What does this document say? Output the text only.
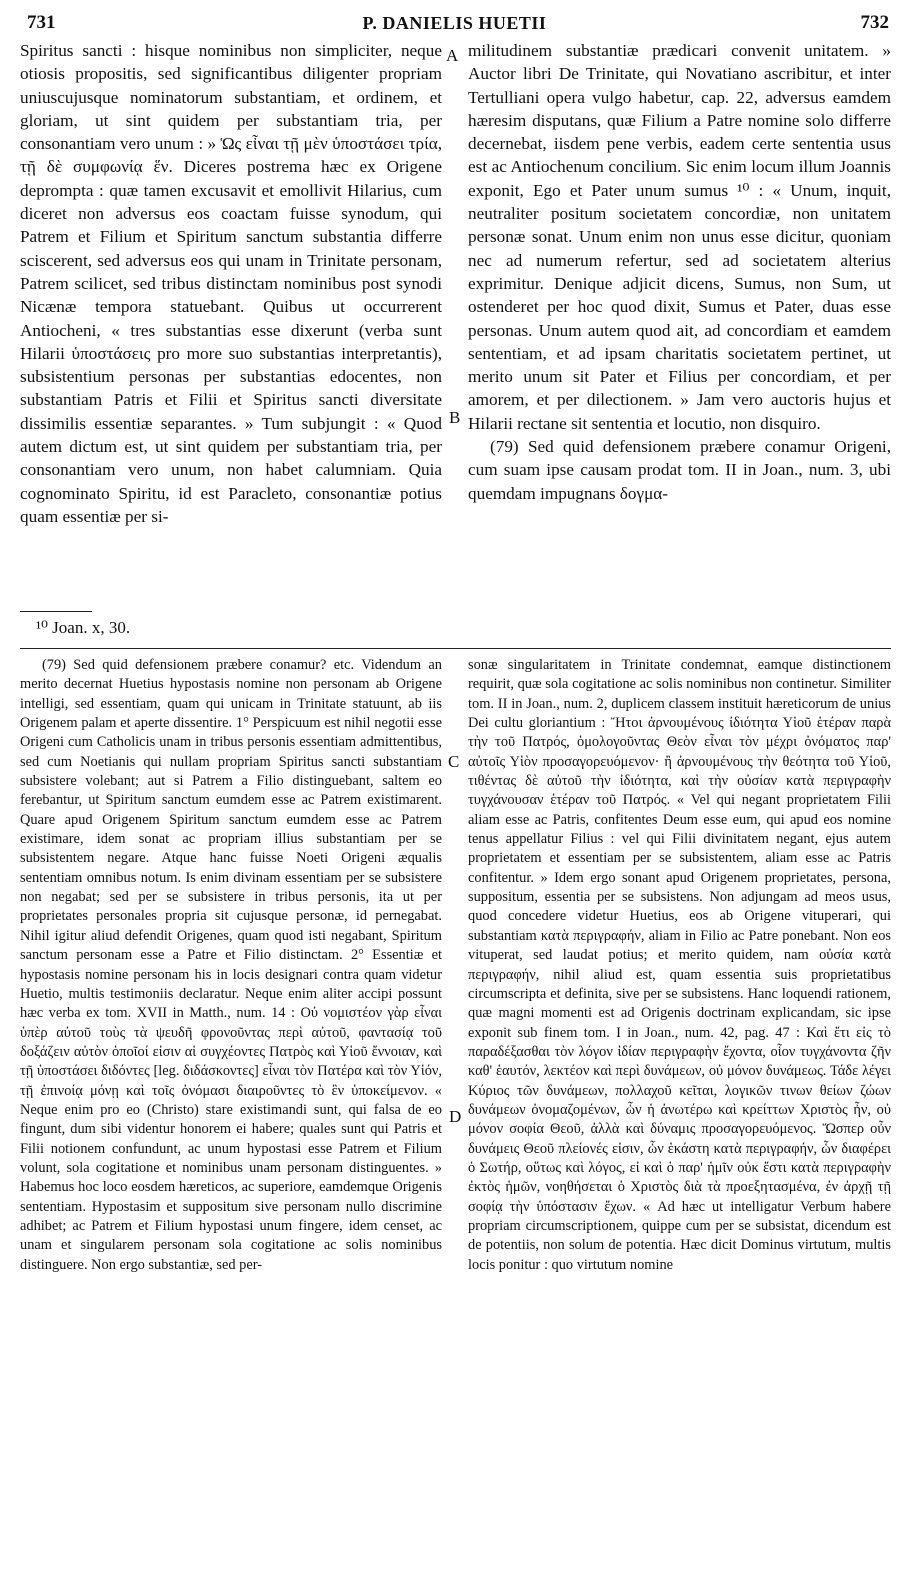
731	P. DANIELIS HUETII	732
A
B
C
D

Spiritus sancti : hisque nominibus non simpliciter, neque otiosis propositis, sed significantibus diligenter propriam uniuscujusque nominatorum substantiam, et ordinem, et gloriam, ut sint quidem per substantiam tria, per consonantiam vero unum : » Ὡς εἶναι τῇ μὲν ὑποστάσει τρία, τῇ δὲ συμφωνίᾳ ἕν. Diceres postrema hæc ex Origene deprompta : quæ tamen excusavit et emollivit Hilarius, cum diceret non adversus eos coactam fuisse synodum, qui Patrem et Filium et Spiritum sanctum substantia differre sciscerent, sed adversus eos qui unam in Trinitate personam, Patrem scilicet, sed tribus distinctam nominibus post synodi Nicænæ tempora statuebant. Quibus ut occurrerent Antiocheni, « tres substantias esse dixerunt (verba sunt Hilarii ὑποστάσεις pro more suo substantias interpretantis), subsistentium personas per substantias edocentes, non substantiam Patris et Filii et Spiritus sancti diversitate dissimilis essentiæ separantes. » Tum subjungit : « Quod autem dictum est, ut sint quidem per substantiam tria, per consonantiam vero unum, non habet calumniam. Quia cognominato Spiritu, id est Paracleto, consonantiæ potius quam essentiæ per si-

militudinem substantiæ prædicari convenit unitatem. » Auctor libri De Trinitate, qui Novatiano ascribitur, et inter Tertulliani opera vulgo habetur, cap. 22, adversus eamdem hæresim disputans, quæ Filium a Patre nomine solo differre decernebat, iisdem pene verbis, eadem certe sententia usus est ac Antiochenum concilium. Sic enim locum illum Joannis exponit, Ego et Pater unum sumus ¹⁰ : « Unum, inquit, neutraliter positum societatem concordiæ, non unitatem personæ sonat. Unum enim non unus esse dicitur, quoniam nec ad numerum refertur, sed ad societatem alterius exprimitur. Denique adjicit dicens, Sumus, non Sum, ut ostenderet per hoc quod dixit, Sumus et Pater, duas esse personas. Unum autem quod ait, ad concordiam et eamdem sententiam, et ad ipsam charitatis societatem pertinet, ut merito unum sit Pater et Filius per concordiam, et per amorem, et per dilectionem. » Jam vero auctoris hujus et Hilarii rectane sit sententia et locutio, non disquiro.

(79) Sed quid defensionem præbere conamur Origeni, cum suam ipse causam prodat tom. II in Joan., num. 3, ubi quemdam impugnans δογμα-

¹⁰ Joan. x, 30.

(79) Sed quid defensionem præbere conamur? etc. Videndum an merito decernat Huetius hypostasis nomine non personam ab Origene intelligi, sed essentiam, quam qui unicam in Trinitate statuunt, ab iis Origenem palam et aperte dissentire. 1° Perspicuum est nihil negotii esse Origeni cum Catholicis unam in tribus personis essentiam admittentibus, sed cum Noetianis qui nullam propriam Spiritus sancti substantiam subsistere volebant; aut si Patrem a Filio distinguebant, saltem eo ferebantur, ut Spiritum sanctum eumdem esse ac Patrem existimarent. Quare apud Origenem Spiritum sanctum eumdem esse ac Patrem existimare, idem sonat ac propriam illius substantiam per se subsistentem negare. Atque hanc fuisse Noeti Origeni æqualis sententiam omnibus notum. Is enim divinam essentiam per se subsistere non negabat; sed per se subsistere in tribus personis, ita ut per proprietates personales propria sit cujusque personæ, id pernegabat. Nihil igitur aliud defendit Origenes, quam quod isti negabant, Spiritum sanctum personam esse a Patre et Filio distinctam. 2° Essentiæ et hypostasis nomine personam his in locis designari contra quam videtur Huetio, multis testimoniis declaratur. Neque enim aliter accipi possunt hæc verba ex tom. XVII in Matth., num. 14 : Οὐ νομιστέον γὰρ εἶναι ὑπὲρ αὐτοῦ τοὺς τὰ ψευδῆ φρονοῦντας περὶ αὐτοῦ, φαντασίᾳ τοῦ δοξάζειν αὐτὸν ὁποῖοί εἰσιν αἱ συγχέοντες Πατρὸς καὶ Υἱοῦ ἔννοιαν, καὶ τῇ ὑποστάσει διδόντες [leg. διδάσκοντες] εἶναι τὸν Πατέρα καὶ τὸν Υἱόν, τῇ ἐπινοίᾳ μόνῃ καὶ τοῖς ὀνόμασι διαιροῦντες τὸ ἓν ὑποκείμενον. « Neque enim pro eo (Christo) stare existimandi sunt, qui falsa de eo fingunt, dum sibi videntur honorem ei habere; quales sunt qui Patris et Filii notionem confundunt, ac unum hypostasi esse Patrem et Filium volunt, sola cogitatione et nominibus unam personam distinguentes. » Habemus hoc loco eosdem hæreticos, ac superiore, eamdemque Origenis sententiam. Hypostasim et suppositum sive personam nullo discrimine adhibet; ac Patrem et Filium hypostasi unum fingere, idem censet, ac unam et singularem personam sola cogitatione ac solis nominibus distinguere. Non ergo substantiæ, sed per-

sonæ singularitatem in Trinitate condemnat, eamque distinctionem requirit, quæ sola cogitatione ac solis nominibus non continetur. Similiter tom. II in Joan., num. 2, duplicem classem instituit hæreticorum de unius Dei cultu gloriantium : Ἤτοι ἀρνουμένους ἰδιότητα Υἱοῦ ἑτέραν παρὰ τὴν τοῦ Πατρός, ὁμολογοῦντας Θεὸν εἶναι τὸν μέχρι ὀνόματος παρ' αὐτοῖς Υἱὸν προσαγορευόμενον· ἢ ἀρνουμένους τὴν θεότητα τοῦ Υἱοῦ, τιθέντας δὲ αὐτοῦ τὴν ἰδιότητα, καὶ τὴν οὐσίαν κατὰ περιγραφὴν τυγχάνουσαν ἑτέραν τοῦ Πατρός. « Vel qui negant proprietatem Filii aliam esse ac Patris, confitentes Deum esse eum, qui apud eos nomine tenus appellatur Filius : vel qui Filii divinitatem negant, ejus autem proprietatem et essentiam per se subsistentem, aliam esse ac Patris confitentur. » Idem ergo sonant apud Origenem proprietates, persona, suppositum, essentia per se subsistens. Non adjungam ad meos usus, quod concedere videtur Huetius, eos ab Origene vituperari, qui substantiam κατὰ περιγραφήν, aliam in Filio ac Patre ponebant. Non eos vituperat, sed laudat potius; et merito quidem, nam οὐσία κατὰ περιγραφήν, nihil aliud est, quam essentia suis proprietatibus circumscripta et definita, sive per se subsistens. Hanc loquendi rationem, quæ magni momenti est ad Origenis doctrinam explicandam, sic ipse exponit sub finem tom. I in Joan., num. 42, pag. 47 : Καὶ ἔτι εἰς τὸ παραδέξασθαι τὸν λόγον ἰδίαν περιγραφὴν ἔχοντα, οἷον τυγχάνοντα ζῆν καθ' ἑαυτόν, λεκτέον καὶ περὶ δυνάμεων, οὐ μόνον δυνάμεως. Τάδε λέγει Κύριος τῶν δυνάμεων, πολλαχοῦ κεῖται, λογικῶν τινων θείων ζώων δυνάμεων ὀνομαζομένων, ὧν ἡ ἀνωτέρω καὶ κρείττων Χριστὸς ἦν, οὐ μόνον σοφία Θεοῦ, ἀλλὰ καὶ δύναμις προσαγορευόμενος. Ὥσπερ οὖν δυνάμεις Θεοῦ πλείονές εἰσιν, ὧν ἑκάστη κατὰ περιγραφήν, ὧν διαφέρει ὁ Σωτήρ, οὕτως καὶ λόγος, εἰ καὶ ὁ παρ' ἡμῖν οὐκ ἔστι κατὰ περιγραφὴν ἐκτὸς ἡμῶν, νοηθήσεται ὁ Χριστὸς διὰ τὰ προεξητασμένα, ἐν ἀρχῇ τῇ σοφίᾳ τὴν ὑπόστασιν ἔχων. « Ad hæc ut intelligatur Verbum habere propriam circumscriptionem, quippe cum per se subsistat, dicendum est de potentiis, non solum de potentia. Hæc dicit Dominus virtutum, multis locis ponitur : quo virtutum nomine
